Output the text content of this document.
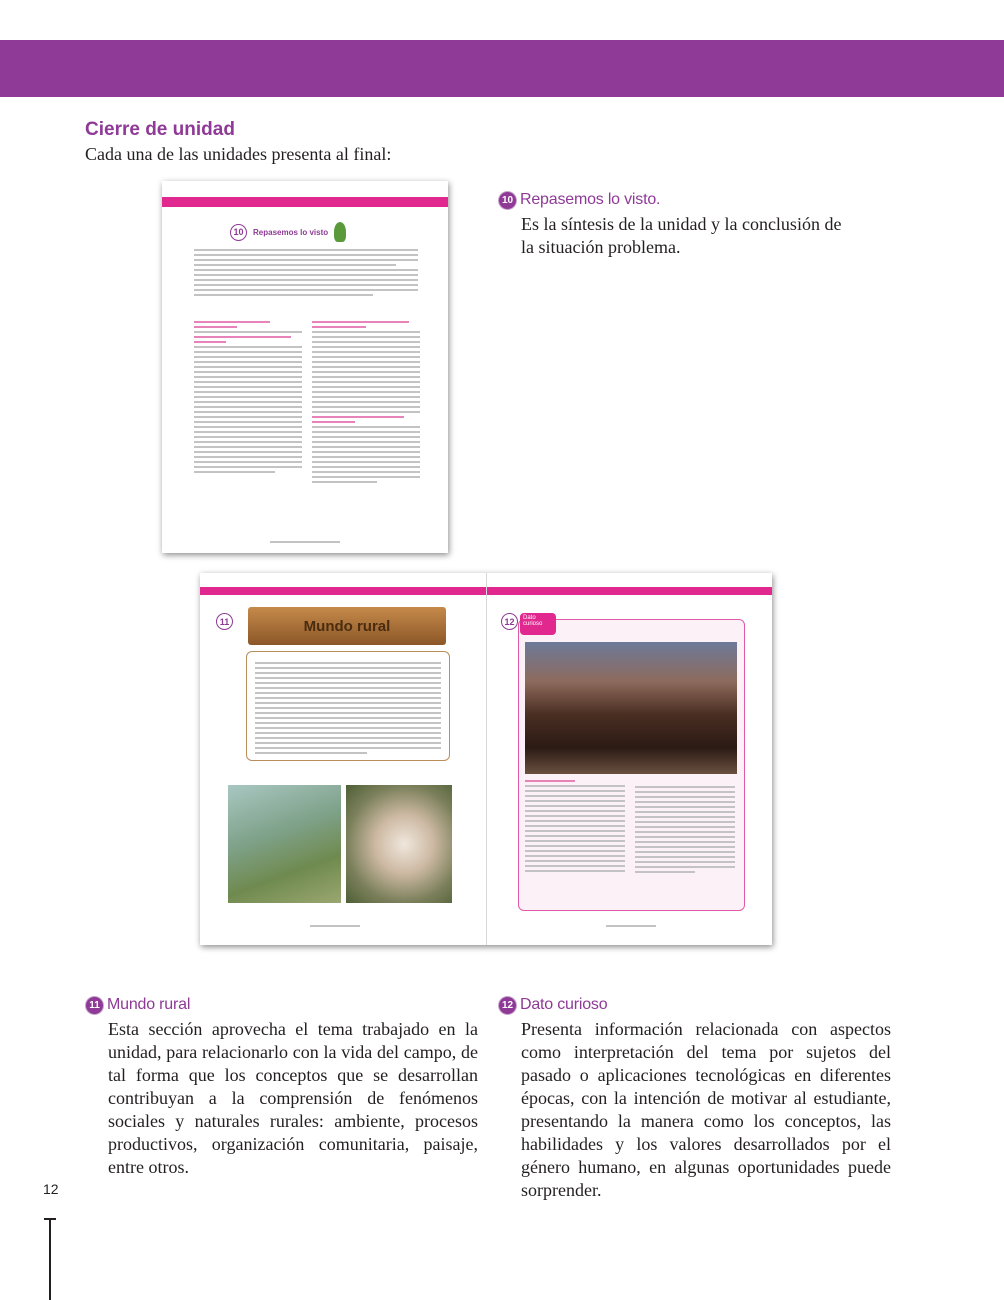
Cierre de unidad

Cada una de las unidades presenta al final:

10	Repasemos lo visto
10 Repasemos lo visto.

Es la síntesis de la unidad y la conclusión de la situación problema.

11	Mundo rural	12	Dato curioso
11 Mundo rural

Esta sección aprovecha el tema trabajado en la unidad, para relacionarlo con la vida del campo, de tal forma que los conceptos que se desarrollan contribuyan a la comprensión de fenómenos sociales y naturales rurales: ambiente, procesos productivos, organización comunitaria, paisaje, entre otros.

12 Dato curioso

Presenta información relacionada con aspectos como interpretación del tema por sujetos del pasado o aplicaciones tecnológicas en diferentes épocas, con la intención de motivar al estudiante, presentando la manera como los conceptos, las habilidades y los valores desarrollados por el género humano, en algunas oportunidades puede sorprender.

12
